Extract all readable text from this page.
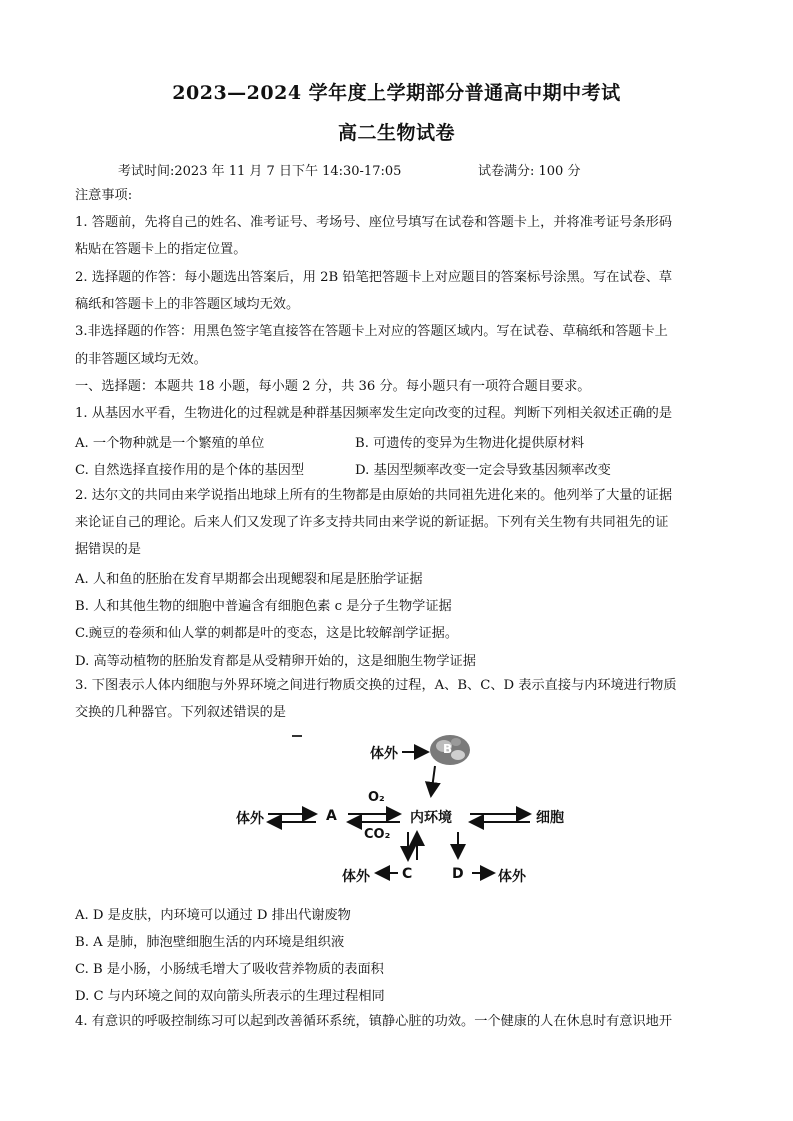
2023—2024 学年度上学期部分普通高中期中考试
高二生物试卷
考试时间:2023 年 11 月 7 日下午 14:30-17:05	试卷满分: 100 分
注意事项:
1. 答题前，先将自己的姓名、准考证号、考场号、座位号填写在试卷和答题卡上，并将准考证号条形码
粘贴在答题卡上的指定位置。
2. 选择题的作答：每小题选出答案后，用 2B 铅笔把答题卡上对应题目的答案标号涂黑。写在试卷、草
稿纸和答题卡上的非答题区域均无效。
3.非选择题的作答：用黑色签字笔直接答在答题卡上对应的答题区域内。写在试卷、草稿纸和答题卡上
的非答题区域均无效。
一、选择题：本题共 18 小题，每小题 2 分，共 36 分。每小题只有一项符合题目要求。
1. 从基因水平看，生物进化的过程就是种群基因频率发生定向改变的过程。判断下列相关叙述正确的是
A. 一个物种就是一个繁殖的单位	B. 可遗传的变异为生物进化提供原材料
C. 自然选择直接作用的是个体的基因型	D. 基因型频率改变一定会导致基因频率改变
2. 达尔文的共同由来学说指出地球上所有的生物都是由原始的共同祖先进化来的。他列举了大量的证据
来论证自己的理论。后来人们又发现了许多支持共同由来学说的新证据。下列有关生物有共同祖先的证
据错误的是
A. 人和鱼的胚胎在发育早期都会出现鳃裂和尾是胚胎学证据
B. 人和其他生物的细胞中普遍含有细胞色素 c 是分子生物学证据
C.豌豆的卷须和仙人掌的刺都是叶的变态，这是比较解剖学证据。
D. 高等动植物的胚胎发育都是从受精卵开始的，这是细胞生物学证据
3. 下图表示人体内细胞与外界环境之间进行物质交换的过程，A、B、C、D 表示直接与内环境进行物质
交换的几种器官。下列叙述错误的是
体外	B
体外	A
O₂
CO₂
内环境	细胞
体外 C	D 体外
A. D 是皮肤，内环境可以通过 D 排出代谢废物
B. A 是肺，肺泡壁细胞生活的内环境是组织液
C. B 是小肠，小肠绒毛增大了吸收营养物质的表面积
D. C 与内环境之间的双向箭头所表示的生理过程相同
4. 有意识的呼吸控制练习可以起到改善循环系统，镇静心脏的功效。一个健康的人在休息时有意识地开
